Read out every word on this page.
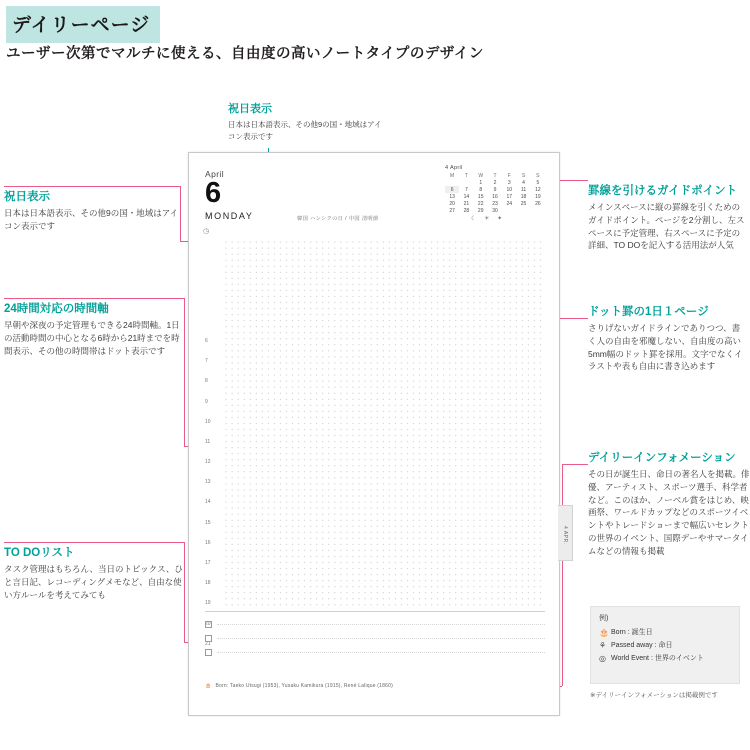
デイリーページ
ユーザー次第でマルチに使える、自由度の高いノートタイプのデザイン
祝日表示
日本は日本語表示、その他9の国・地域はアイコン表示です
祝日表示
日本は日本語表示、その他9の国・地域はアイコン表示です
24時間対応の時間軸
早朝や深夜の予定管理もできる24時間軸。1日の活動時間の中心となる6時から21時までを時間表示、その他の時間帯はドット表示です
TO DOリスト
タスク管理はもちろん、当日のトピックス、ひと言日記、レコーディングメモなど、自由な使い方ルールを考えてみても
罫線を引けるガイドポイント
メインスペースに縦の罫線を引くためのガイドポイント。ページを2分割し、左スペースに予定管理、右スペースに予定の詳細、TO DOを記入する活用法が人気
ドット罫の1日１ページ
さりげないガイドラインでありつつ、書く人の自由を邪魔しない、自由度の高い5mm幅のドット罫を採用。文字でなくイラストや表も自由に書き込めます
デイリーインフォメーション
その日が誕生日、命日の著名人を掲載。俳優、アーティスト、スポーツ選手、科学者など。このほか、ノーベル賞をはじめ、映画祭、ワールドカップなどのスポーツイベントやトレードショーまで幅広いセレクトの世界のイベント、国際デーやサマータイムなどの情報も掲載
April
6
MONDAY	韓国 ハンシクの日 / 中国 清明節	☾ ☀ ✦
4 April
M	T	W	T	F	S	S
		1	2	3	4	5
6	7	8	9	10	11	12
13	14	15	16	17	18	19
20	21	22	23	24	25	26
27	28	29	30			
◷
6
7
8
9
10
11
12
13
14
15
16
17
18
19
20
21
4 APR.
🎂 Born: Taeko Utsugi (1953), Yusaku Kamikura (1915), René Lalique (1860)
例)
🎂 Born : 誕生日
⚘ Passed away : 命日
◎ World Event : 世界のイベント
※デイリーインフォメーションは掲載例です
